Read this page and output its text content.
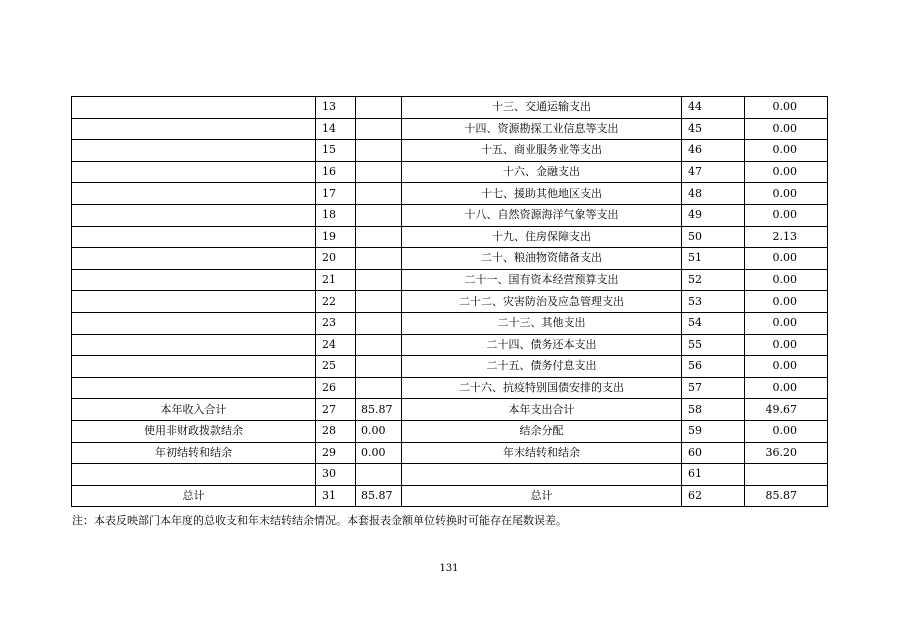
	13		十三、交通运输支出	44	0.00
	14		十四、资源勘探工业信息等支出	45	0.00
	15		十五、商业服务业等支出	46	0.00
	16		十六、金融支出	47	0.00
	17		十七、援助其他地区支出	48	0.00
	18		十八、自然资源海洋气象等支出	49	0.00
	19		十九、住房保障支出	50	2.13
	20		二十、粮油物资储备支出	51	0.00
	21		二十一、国有资本经营预算支出	52	0.00
	22		二十二、灾害防治及应急管理支出	53	0.00
	23		二十三、其他支出	54	0.00
	24		二十四、债务还本支出	55	0.00
	25		二十五、债务付息支出	56	0.00
	26		二十六、抗疫特别国债安排的支出	57	0.00
本年收入合计	27	85.87	本年支出合计	58	49.67
使用非财政拨款结余	28	0.00	结余分配	59	0.00
年初结转和结余	29	0.00	年末结转和结余	60	36.20
	30			61	
总计	31	85.87	总计	62	85.87
注：本表反映部门本年度的总收支和年末结转结余情况。本套报表金额单位转换时可能存在尾数误差。
131
